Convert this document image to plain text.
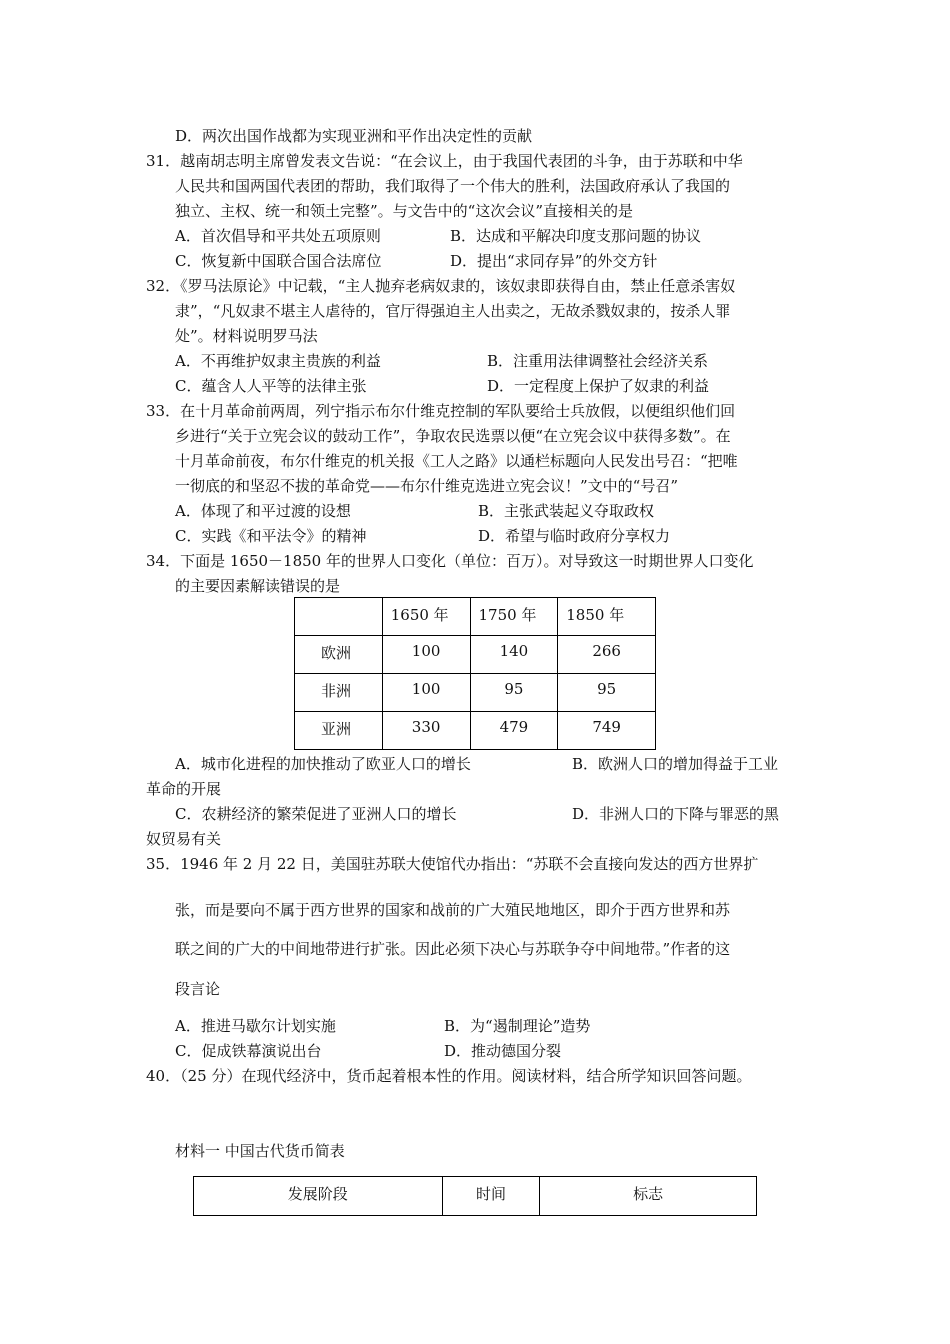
D．两次出国作战都为实现亚洲和平作出决定性的贡献
31．越南胡志明主席曾发表文告说：“在会议上，由于我国代表团的斗争，由于苏联和中华
人民共和国两国代表团的帮助，我们取得了一个伟大的胜利，法国政府承认了我国的
独立、主权、统一和领土完整”。与文告中的“这次会议”直接相关的是
A．首次倡导和平共处五项原则	B．达成和平解决印度支那问题的协议
C．恢复新中国联合国合法席位	D．提出“求同存异”的外交方针
32．《罗马法原论》中记载，“主人抛弃老病奴隶的，该奴隶即获得自由，禁止任意杀害奴
隶”，“凡奴隶不堪主人虐待的，官厅得强迫主人出卖之，无故杀戮奴隶的，按杀人罪
处”。材料说明罗马法
A．不再维护奴隶主贵族的利益	B．注重用法律调整社会经济关系
C．蕴含人人平等的法律主张	D．一定程度上保护了奴隶的利益
33．在十月革命前两周，列宁指示布尔什维克控制的军队要给士兵放假，以便组织他们回
乡进行“关于立宪会议的鼓动工作”，争取农民选票以便“在立宪会议中获得多数”。在
十月革命前夜，布尔什维克的机关报《工人之路》以通栏标题向人民发出号召：“把唯
一彻底的和坚忍不拔的革命党——布尔什维克选进立宪会议！”文中的“号召”
A．体现了和平过渡的设想	B．主张武装起义夺取政权
C．实践《和平法令》的精神	D．希望与临时政府分享权力
34．下面是 1650－1850 年的世界人口变化（单位：百万）。对导致这一时期世界人口变化
的主要因素解读错误的是

	1650 年	1750 年	1850 年

欧洲	100	140	266

非洲	100	95	95

亚洲	330	479	749
A．城市化进程的加快推动了欧亚人口的增长	B．欧洲人口的增加得益于工业
革命的开展
C．农耕经济的繁荣促进了亚洲人口的增长	D．非洲人口的下降与罪恶的黑
奴贸易有关
35．1946 年 2 月 22 日，美国驻苏联大使馆代办指出：“苏联不会直接向发达的西方世界扩
张，而是要向不属于西方世界的国家和战前的广大殖民地地区，即介于西方世界和苏
联之间的广大的中间地带进行扩张。因此必须下决心与苏联争夺中间地带。”作者的这
段言论
A．推进马歇尔计划实施	B．为“遏制理论”造势
C．促成铁幕演说出台	D．推动德国分裂
40．（25 分）在现代经济中，货币起着根本性的作用。阅读材料，结合所学知识回答问题。
材料一 中国古代货币简表
发展阶段	时间	标志
